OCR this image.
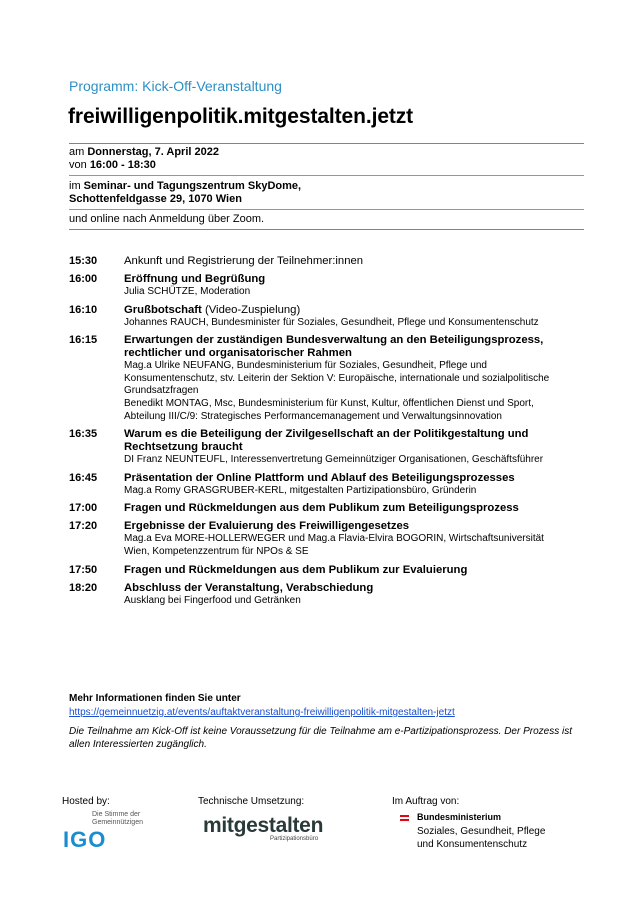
Programm: Kick-Off-Veranstaltung
freiwilligenpolitik.mitgestalten.jetzt
am Donnerstag, 7. April 2022
von 16:00 - 18:30
im Seminar- und Tagungszentrum SkyDome,
Schottenfeldgasse 29, 1070 Wien
und online nach Anmeldung über Zoom.
15:30	Ankunft und Registrierung der Teilnehmer:innen
16:00	Eröffnung und Begrüßung
Julia SCHÜTZE, Moderation
16:10	Grußbotschaft (Video-Zuspielung)
Johannes RAUCH, Bundesminister für Soziales, Gesundheit, Pflege und Konsumentenschutz
16:15	Erwartungen der zuständigen Bundesverwaltung an den Beteiligungsprozess, rechtlicher und organisatorischer Rahmen
Mag.a Ulrike NEUFANG, Bundesministerium für Soziales, Gesundheit, Pflege und Konsumentenschutz, stv. Leiterin der Sektion V: Europäische, internationale und sozialpolitische Grundsatzfragen
Benedikt MONTAG, Msc, Bundesministerium für Kunst, Kultur, öffentlichen Dienst und Sport, Abteilung III/C/9: Strategisches Performancemanagement und Verwaltungsinnovation
16:35	Warum es die Beteiligung der Zivilgesellschaft an der Politikgestaltung und Rechtsetzung braucht
DI Franz NEUNTEUFL, Interessenvertretung Gemeinnütziger Organisationen, Geschäftsführer
16:45	Präsentation der Online Plattform und Ablauf des Beteiligungsprozesses
Mag.a Romy GRASGRUBER-KERL, mitgestalten Partizipationsbüro, Gründerin
17:00	Fragen und Rückmeldungen aus dem Publikum zum Beteiligungsprozess
17:20	Ergebnisse der Evaluierung des Freiwilligengesetzes
Mag.a Eva MORE-HOLLERWEGER und Mag.a Flavia-Elvira BOGORIN, Wirtschaftsuniversität Wien, Kompetenzzentrum für NPOs & SE
17:50	Fragen und Rückmeldungen aus dem Publikum zur Evaluierung
18:20	Abschluss der Veranstaltung, Verabschiedung
Ausklang bei Fingerfood und Getränken
Mehr Informationen finden Sie unter
https://gemeinnuetzig.at/events/auftaktveranstaltung-freiwilligenpolitik-mitgestalten-jetzt
Die Teilnahme am Kick-Off ist keine Voraussetzung für die Teilnahme am e-Partizipationsprozess. Der Prozess ist allen Interessierten zugänglich.
Hosted by:	Technische Umsetzung:	Im Auftrag von:
Die Stimme der
Gemeinnützigen
IGO
mitgestalten
Partizipationsbüro
Bundesministerium
Soziales, Gesundheit, Pflege
und Konsumentenschutz
